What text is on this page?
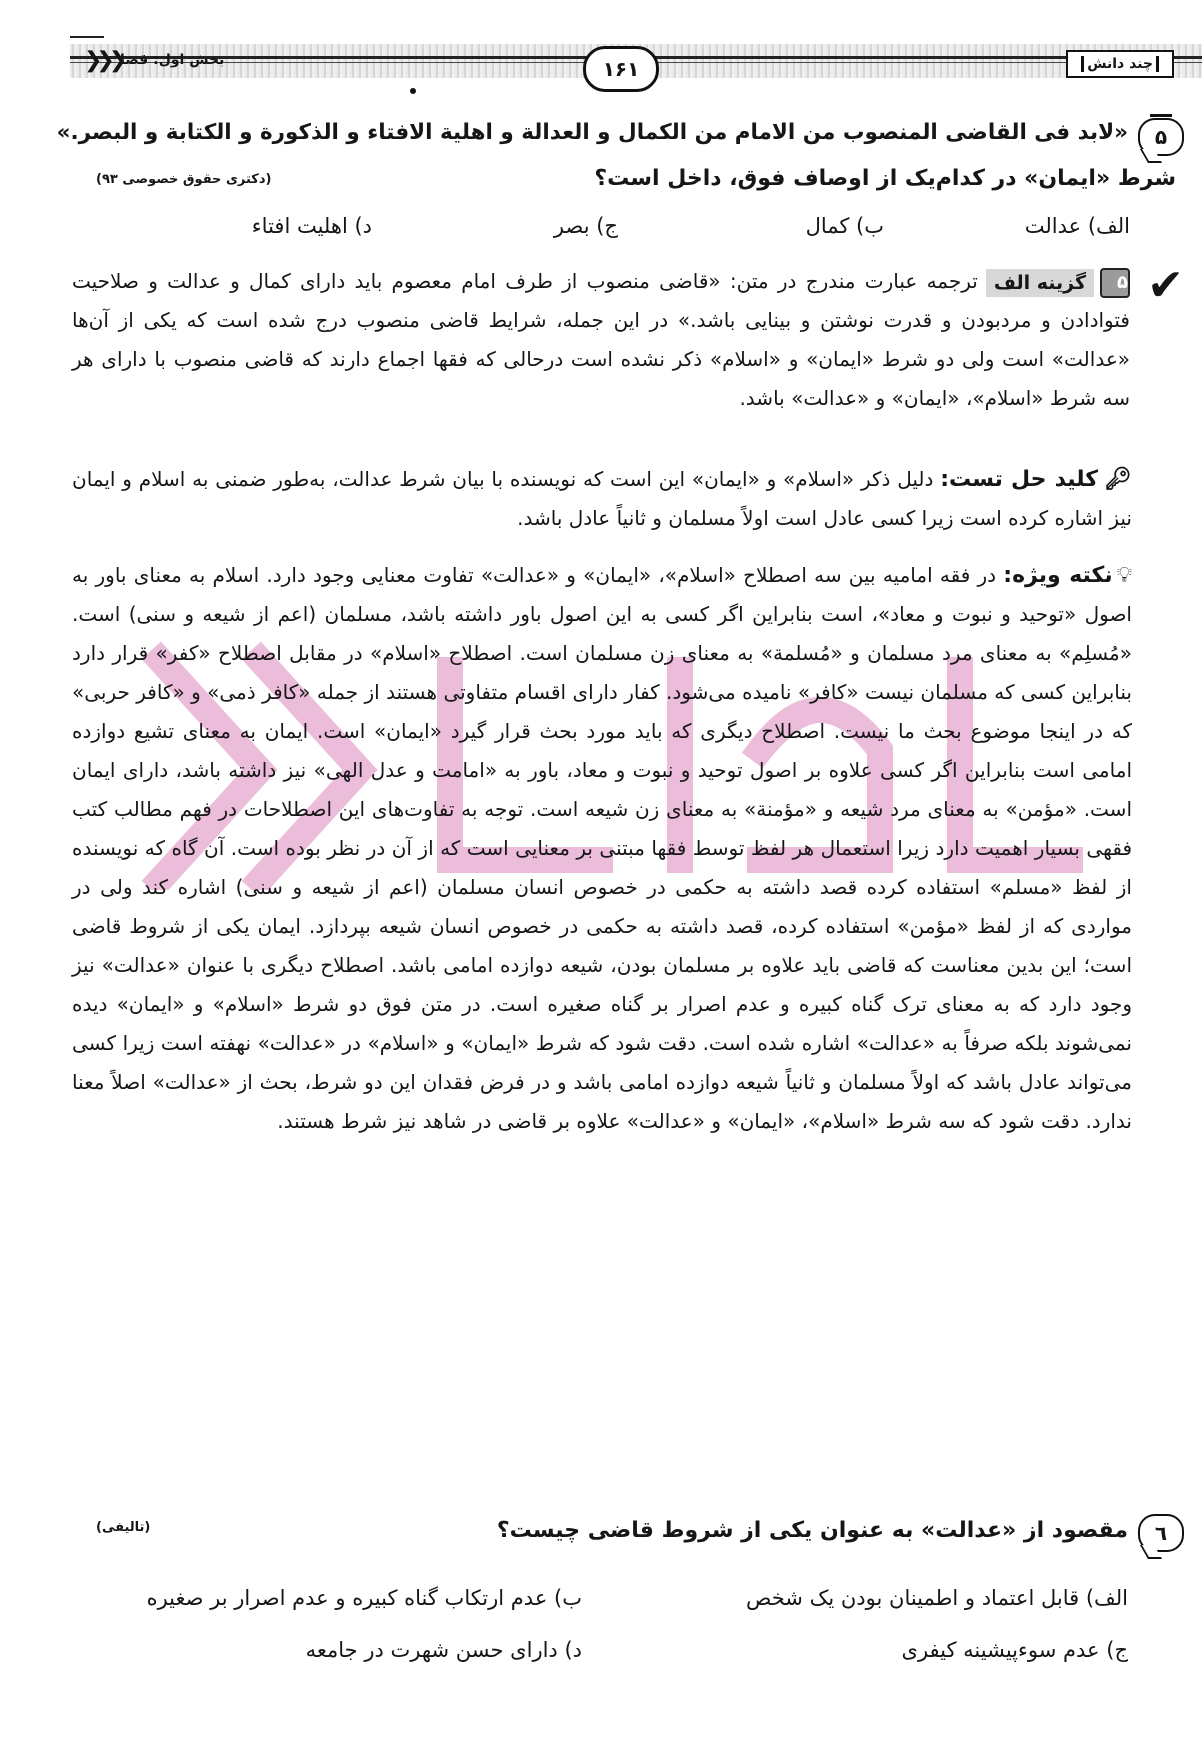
چند دانش
۱۶۱
بخش اول: قضا
❮❮❮
۵
«لابد فی القاضی المنصوب من الامام من الکمال و العدالة و اهلیة الافتاء و الذکورة و الکتابة و البصر.»
(دکتری حقوق خصوصی ۹۳)	شرط «ایمان» در کدام‌یک از اوصاف فوق، داخل است؟
الف) عدالت
ب) کمال
ج) بصر
د) اهلیت افتاء
✔
۵گزینه الفترجمه عبارت مندرج در متن: «قاضی منصوب از طرف امام معصوم باید دارای کمال و عدالت و صلاحیت فتوادادن و مردبودن و قدرت نوشتن و بینایی باشد.» در این جمله، شرایط قاضی منصوب درج شده است که یکی از آن‌ها «عدالت» است ولی دو شرط «ایمان» و «اسلام» ذکر نشده است درحالی که فقها اجماع دارند که قاضی منصوب با دارای هر سه شرط «اسلام»، «ایمان» و «عدالت» باشد.
🔑︎کلید حل تست: دلیل ذکر «اسلام» و «ایمان» این است که نویسنده با بیان شرط عدالت، به‌طور ضمنی به اسلام و ایمان نیز اشاره کرده است زیرا کسی عادل است اولاً مسلمان و ثانیاً عادل باشد.
💡︎نکته ویژه: در فقه امامیه بین سه اصطلاح «اسلام»، «ایمان» و «عدالت» تفاوت معنایی وجود دارد. اسلام به معنای باور به اصول «توحید و نبوت و معاد»، است بنابراین اگر کسی به این اصول باور داشته باشد، مسلمان (اعم از شیعه و سنی) است. «مُسلِم» به معنای مرد مسلمان و «مُسلمة» به معنای زن مسلمان است. اصطلاح «اسلام» در مقابل اصطلاح «کفر» قرار دارد بنابراین کسی که مسلمان نیست «کافر» نامیده می‌شود. کفار دارای اقسام متفاوتی هستند از جمله «کافر ذمی» و «کافر حربی» که در اینجا موضوع بحث ما نیست. اصطلاح دیگری که باید مورد بحث قرار گیرد «ایمان» است. ایمان به معنای تشیع دوازده امامی است بنابراین اگر کسی علاوه بر اصول توحید و نبوت و معاد، باور به «امامت و عدل الهی» نیز داشته باشد، دارای ایمان است. «مؤمن» به معنای مرد شیعه و «مؤمنة» به معنای زن شیعه است. توجه به تفاوت‌های این اصطلاحات در فهم مطالب کتب فقهی بسیار اهمیت دارد زیرا استعمال هر لفظ توسط فقها مبتنی بر معنایی است که از آن در نظر بوده است. آن گاه که نویسنده از لفظ «مسلم» استفاده کرده قصد داشته به حکمی در خصوص انسان مسلمان (اعم از شیعه و سنی) اشاره کند ولی در مواردی که از لفظ «مؤمن» استفاده کرده، قصد داشته به حکمی در خصوص انسان شیعه بپردازد. ایمان یکی از شروط قاضی است؛ این بدین معناست که قاضی باید علاوه بر مسلمان بودن، شیعه دوازده امامی باشد. اصطلاح دیگری با عنوان «عدالت» نیز وجود دارد که به معنای ترک گناه کبیره و عدم اصرار بر گناه صغیره است. در متن فوق دو شرط «اسلام» و «ایمان» دیده نمی‌شوند بلکه صرفاً به «عدالت» اشاره شده است. دقت شود که شرط «ایمان» و «اسلام» در «عدالت» نهفته است زیرا کسی می‌تواند عادل باشد که اولاً مسلمان و ثانیاً شیعه دوازده امامی باشد و در فرض فقدان این دو شرط، بحث از «عدالت» اصلاً معنا ندارد. دقت شود که سه شرط «اسلام»، «ایمان» و «عدالت» علاوه بر قاضی در شاهد نیز شرط هستند.
٦
مقصود از «عدالت» به عنوان یکی از شروط قاضی چیست؟
(تالیفی)
الف) قابل اعتماد و اطمینان بودن یک شخص
ب) عدم ارتکاب گناه کبیره و عدم اصرار بر صغیره
ج) عدم سوءپیشینه کیفری
د) دارای حسن شهرت در جامعه
